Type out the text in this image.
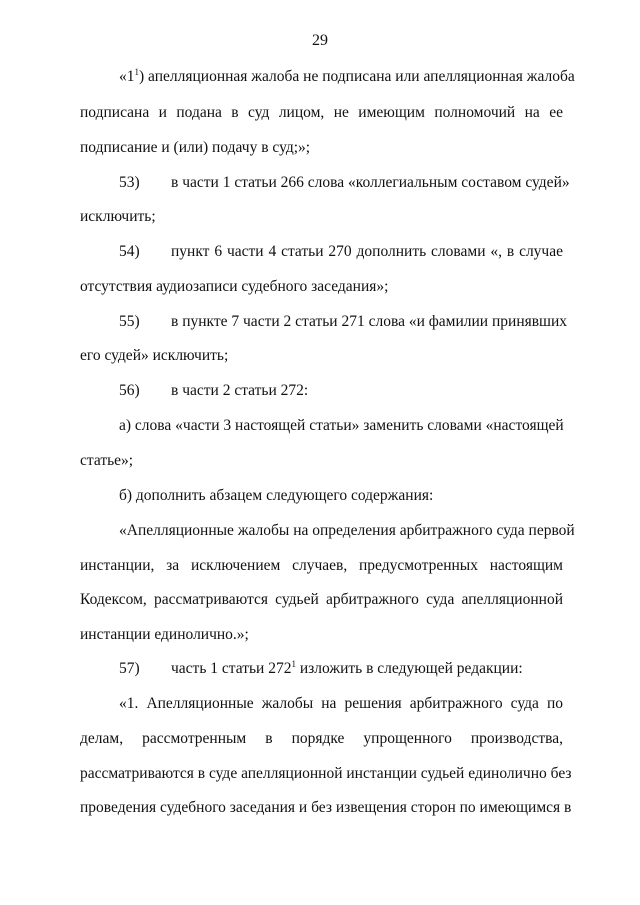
29
«$1^1$) апелляционная жалоба не подписана или апелляционная жалоба
подписана и подана в суд лицом, не имеющим полномочий на ее
подписание и (или) подачу в суд;»;
53) в части 1 статьи 266 слова «коллегиальным составом судей»
исключить;
54) пункт 6 части 4 статьи 270 дополнить словами «, в случае
отсутствия аудиозаписи судебного заседания»;
55) в пункте 7 части 2 статьи 271 слова «и фамилии принявших
его судей» исключить;
56) в части 2 статьи 272:
а) слова «части 3 настоящей статьи» заменить словами «настоящей
статье»;
б) дополнить абзацем следующего содержания:
«Апелляционные жалобы на определения арбитражного суда первой
инстанции, за исключением случаев, предусмотренных настоящим
Кодексом, рассматриваются судьей арбитражного суда апелляционной
инстанции единолично.»;
57) часть 1 статьи $272^1$ изложить в следующей редакции:
«1. Апелляционные жалобы на решения арбитражного суда по
делам, рассмотренным в порядке упрощенного производства,
рассматриваются в суде апелляционной инстанции судьей единолично без
проведения судебного заседания и без извещения сторон по имеющимся в
